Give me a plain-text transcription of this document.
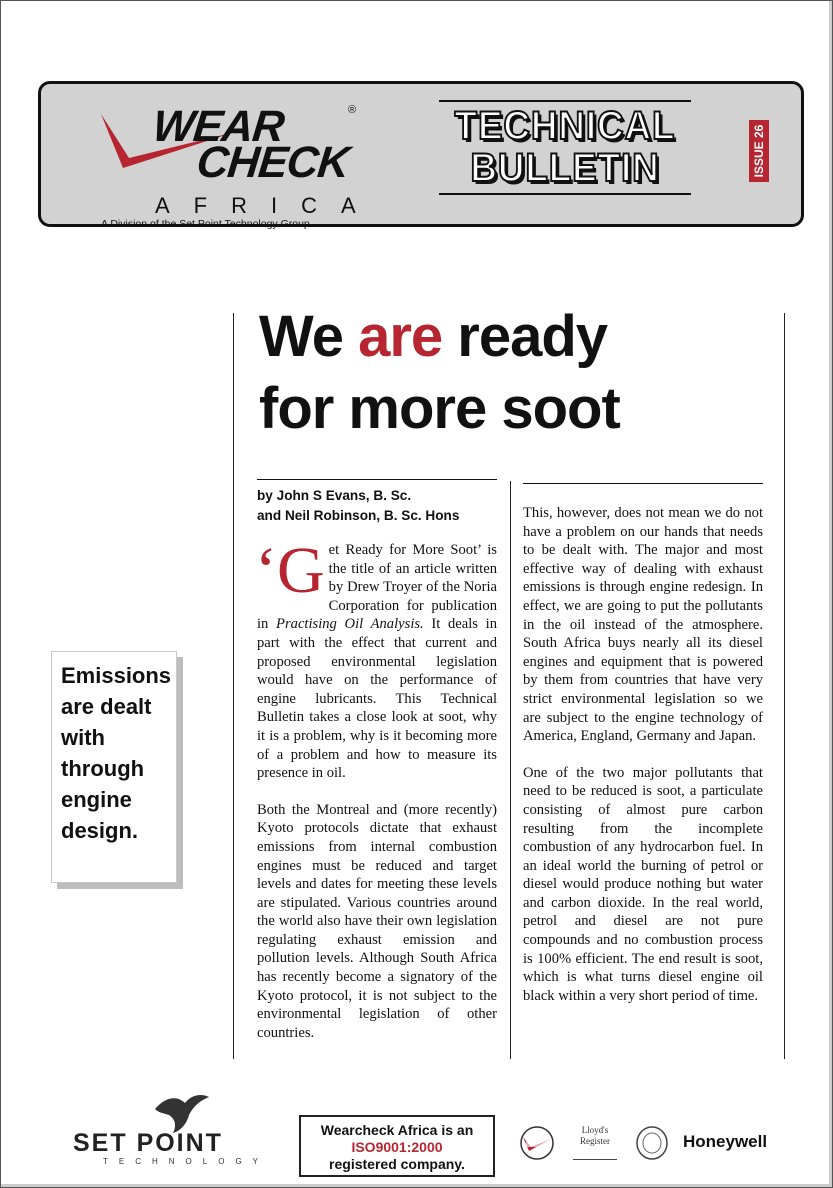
WEAR
CHECK
®
AFRICA
A Division of the Set Point Technology Group
TECHNICAL
BULLETIN	ISSUE 26
We are ready
for more soot
by John S Evans, B. Sc.
and Neil Robinson, B. Sc. Hons

‘Get Ready for More Soot’ is the title of an article written by Drew Troyer of the Noria Corporation for publication in Practising Oil Analysis. It deals in part with the effect that current and proposed environmental legislation would have on the performance of engine lubricants. This Technical Bulletin takes a close look at soot, why it is a problem, why is it becoming more of a problem and how to measure its presence in oil.

Both the Montreal and (more recently) Kyoto protocols dictate that exhaust emissions from internal combustion engines must be reduced and target levels and dates for meeting these levels are stipulated. Various countries around the world also have their own legislation regulating exhaust emission and pollution levels. Although South Africa has recently become a signatory of the Kyoto protocol, it is not subject to the environmental legislation of other countries.

This, however, does not mean we do not have a problem on our hands that needs to be dealt with. The major and most effective way of dealing with exhaust emissions is through engine redesign. In effect, we are going to put the pollutants in the oil instead of the atmosphere. South Africa buys nearly all its diesel engines and equipment that is powered by them from countries that have very strict environmental legislation so we are subject to the engine technology of America, England, Germany and Japan.

One of the two major pollutants that need to be reduced is soot, a particulate consisting of almost pure carbon resulting from the incomplete combustion of any hydrocarbon fuel. In an ideal world the burning of petrol or diesel would produce nothing but water and carbon dioxide. In the real world, petrol and diesel are not pure compounds and no combustion process is 100% efficient. The end result is soot, which is what turns diesel engine oil black within a very short period of time.

Emissions are dealt with through engine design.
SET POINT
TECHNOLOGY
Wearcheck Africa is an
ISO9001:2000
registered company.
Lloyd's Register	Honeywell
